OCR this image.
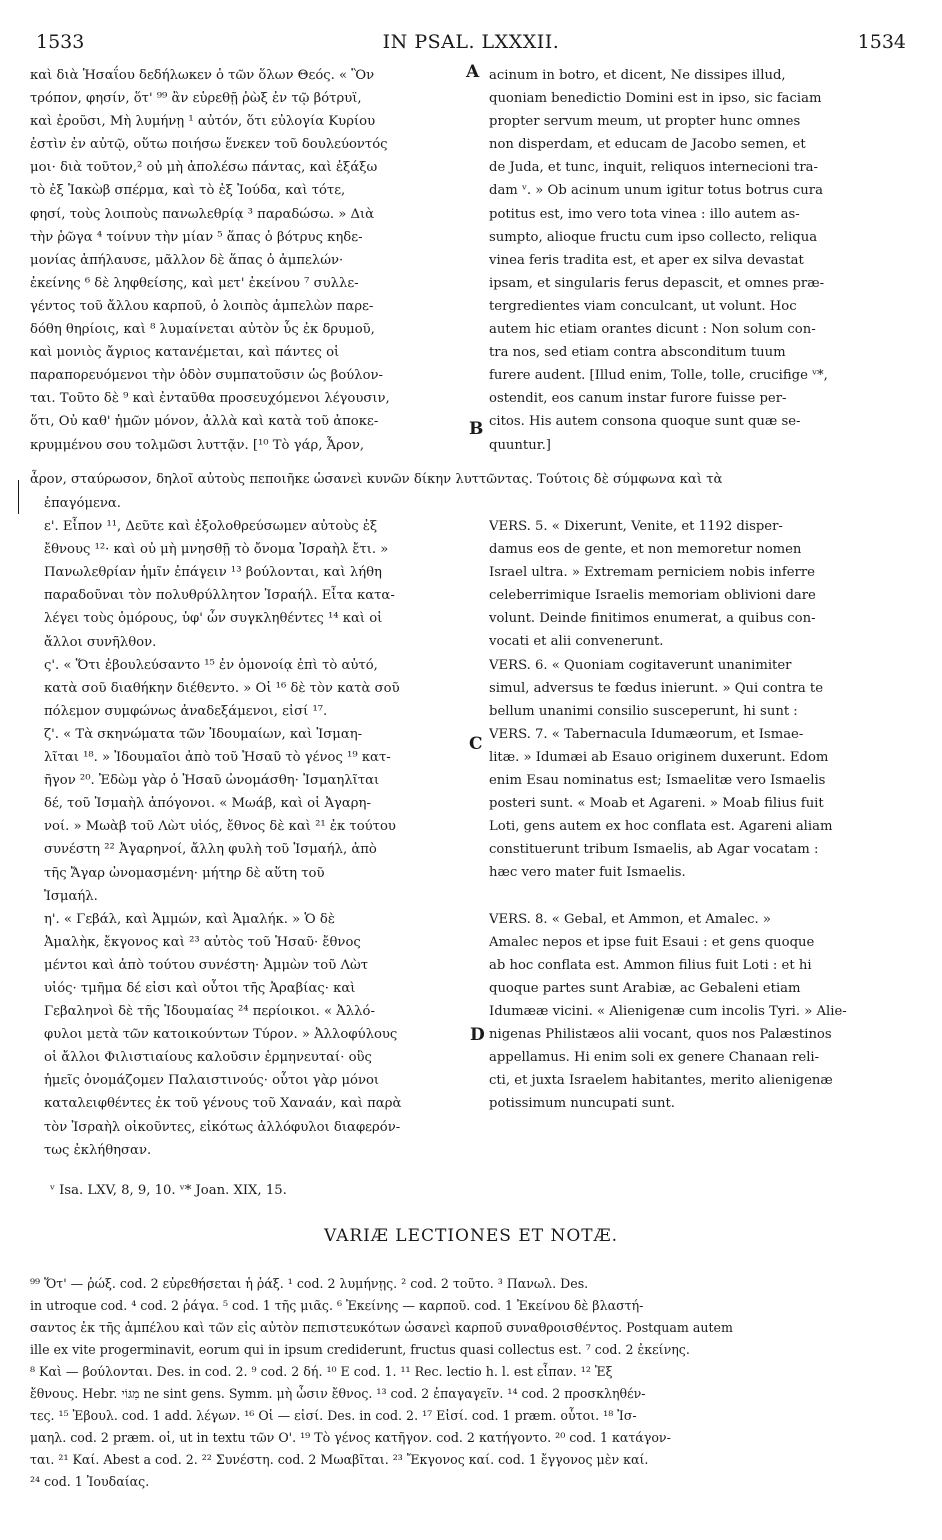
IN PSAL. LXXXII.
1533	1534
A
B
C
D
καὶ διὰ Ἡσαΐου δεδήλωκεν ὁ τῶν ὅλων Θεός. « Ὃν
τρόπον, φησίν, ὅτ' ⁹⁹ ἂν εὑρεθῇ ῥὼξ ἐν τῷ βότρυϊ,
καὶ ἐροῦσι, Μὴ λυμήνῃ ¹ αὐτόν, ὅτι εὐλογία Κυρίου
ἐστὶν ἐν αὐτῷ, οὕτω ποιήσω ἕνεκεν τοῦ δουλεύοντός
μοι· διὰ τοῦτον,² οὐ μὴ ἀπολέσω πάντας, καὶ ἐξάξω
τὸ ἐξ Ἰακὼβ σπέρμα, καὶ τὸ ἐξ Ἰούδα, καὶ τότε,
φησί, τοὺς λοιποὺς πανωλεθρίᾳ ³ παραδώσω. » Διὰ
τὴν ῥῶγα ⁴ τοίνυν τὴν μίαν ⁵ ἅπας ὁ βότρυς κηδε-
μονίας ἀπήλαυσε, μᾶλλον δὲ ἅπας ὁ ἀμπελών·
ἐκείνης ⁶ δὲ ληφθείσης, καὶ μετ' ἐκείνου ⁷ συλλε-
γέντος τοῦ ἄλλου καρποῦ, ὁ λοιπὸς ἀμπελὼν παρε-
δόθη θηρίοις, καὶ ⁸ λυμαίνεται αὐτὸν ὗς ἐκ δρυμοῦ,
καὶ μονιὸς ἄγριος κατανέμεται, καὶ πάντες οἱ
παραπορευόμενοι τὴν ὁδὸν συμπατοῦσιν ὡς βούλον-
ται. Τοῦτο δὲ ⁹ καὶ ἐνταῦθα προσευχόμενοι λέγουσιν,
ὅτι, Οὐ καθ' ἡμῶν μόνον, ἀλλὰ καὶ κατὰ τοῦ ἀποκε-
κρυμμένου σου τολμῶσι λυττᾷν. [¹⁰ Τὸ γάρ, Ἆρον,
acinum in botro, et dicent, Ne dissipes illud,
quoniam benedictio Domini est in ipso, sic faciam
propter servum meum, ut propter hunc omnes
non disperdam, et educam de Jacobo semen, et
de Juda, et tunc, inquit, reliquos internecioni tra-
dam ᵛ. » Ob acinum unum igitur totus botrus cura
potitus est, imo vero tota vinea : illo autem as-
sumpto, alioque fructu cum ipso collecto, reliqua
vinea feris tradita est, et aper ex silva devastat
ipsam, et singularis ferus depascit, et omnes præ-
tergredientes viam conculcant, ut volunt. Hoc
autem hic etiam orantes dicunt : Non solum con-
tra nos, sed etiam contra absconditum tuum
furere audent. [Illud enim, Tolle, tolle, crucifige ᵛ*,
ostendit, eos canum instar furore fuisse per-
citos. His autem consona quoque sunt quæ se-
quuntur.]
ἆρον, σταύρωσον, δηλοῖ αὐτοὺς πεποιῆκε ὡσανεὶ κυνῶν δίκην λυττῶντας. Τούτοις δὲ σύμφωνα καὶ τὰ
ἐπαγόμενα.
ε'. Εἶπον ¹¹, Δεῦτε καὶ ἐξολοθρεύσωμεν αὐτοὺς ἐξ
ἔθνους ¹²· καὶ οὐ μὴ μνησθῇ τὸ ὄνομα Ἰσραὴλ ἔτι. »
Πανωλεθρίαν ἡμῖν ἐπάγειν ¹³ βούλονται, καὶ λήθη
παραδοῦναι τὸν πολυθρύλλητον Ἰσραήλ. Εἶτα κατα-
λέγει τοὺς ὁμόρους, ὑφ' ὧν συγκληθέντες ¹⁴ καὶ οἱ
ἄλλοι συνῆλθον.
ς'. « Ὅτι ἐβουλεύσαντο ¹⁵ ἐν ὁμονοίᾳ ἐπὶ τὸ αὐτό,
κατὰ σοῦ διαθήκην διέθεντο. » Οἱ ¹⁶ δὲ τὸν κατὰ σοῦ
πόλεμον συμφώνως ἀναδεξάμενοι, εἰσί ¹⁷.
ζ'. « Τὰ σκηνώματα τῶν Ἰδουμαίων, καὶ Ἰσμαη-
λῖται ¹⁸. » Ἰδουμαῖοι ἀπὸ τοῦ Ἡσαῦ τὸ γένος ¹⁹ κατ-
ῆγον ²⁰. Ἐδὼμ γὰρ ὁ Ἡσαῦ ὠνομάσθη· Ἰσμαηλῖται
δέ, τοῦ Ἰσμαὴλ ἀπόγονοι. « Μωάβ, καὶ οἱ Ἀγαρη-
νοί. » Μωὰβ τοῦ Λὼτ υἱός, ἔθνος δὲ καὶ ²¹ ἐκ τούτου
συνέστη ²² Ἀγαρηνοί, ἄλλη φυλὴ τοῦ Ἰσμαήλ, ἀπὸ
τῆς Ἄγαρ ὠνομασμένη· μήτηρ δὲ αὕτη τοῦ
Ἰσμαήλ.
η'. « Γεβάλ, καὶ Ἀμμών, καὶ Ἀμαλήκ. » Ὁ δὲ
Ἀμαλὴκ, ἔκγονος καὶ ²³ αὐτὸς τοῦ Ἡσαῦ· ἔθνος
μέντοι καὶ ἀπὸ τούτου συνέστη· Ἀμμὼν τοῦ Λὼτ
υἱός· τμῆμα δέ εἰσι καὶ οὗτοι τῆς Ἀραβίας· καὶ
Γεβαληνοὶ δὲ τῆς Ἰδουμαίας ²⁴ περίοικοι. « Ἀλλό-
φυλοι μετὰ τῶν κατοικούντων Τύρον. » Ἀλλοφύλους
οἱ ἄλλοι Φιλιστιαίους καλοῦσιν ἑρμηνευταί· οὓς
ἡμεῖς ὀνομάζομεν Παλαιστινούς· οὗτοι γὰρ μόνοι
καταλειφθέντες ἐκ τοῦ γένους τοῦ Χαναάν, καὶ παρὰ
τὸν Ἰσραὴλ οἰκοῦντες, εἰκότως ἀλλόφυλοι διαφερόν-
τως ἐκλήθησαν.
VERS. 5. « Dixerunt, Venite, et 1192 disper-
damus eos de gente, et non memoretur nomen
Israel ultra. » Extremam perniciem nobis inferre
celeberrimique Israelis memoriam oblivioni dare
volunt. Deinde finitimos enumerat, a quibus con-
vocati et alii convenerunt.
VERS. 6. « Quoniam cogitaverunt unanimiter
simul, adversus te fœdus inierunt. » Qui contra te
bellum unanimi consilio susceperunt, hi sunt :
VERS. 7. « Tabernacula Idumæorum, et Ismae-
litæ. » Idumæi ab Esauo originem duxerunt. Edom
enim Esau nominatus est; Ismaelitæ vero Ismaelis
posteri sunt. « Moab et Agareni. » Moab filius fuit
Loti, gens autem ex hoc conflata est. Agareni aliam
constituerunt tribum Ismaelis, ab Agar vocatam :
hæc vero mater fuit Ismaelis.
VERS. 8. « Gebal, et Ammon, et Amalec. »
Amalec nepos et ipse fuit Esaui : et gens quoque
ab hoc conflata est. Ammon filius fuit Loti : et hi
quoque partes sunt Arabiæ, ac Gebaleni etiam
Idumææ vicini. « Alienigenæ cum incolis Tyri. » Alie-
nigenas Philistæos alii vocant, quos nos Palæstinos
appellamus. Hi enim soli ex genere Chanaan reli-
cti, et juxta Israelem habitantes, merito alienigenæ
potissimum nuncupati sunt.
ᵛ Isa. LXV, 8, 9, 10. ᵛ* Joan. XIX, 15.
VARIÆ LECTIONES ET NOTÆ.
⁹⁹ Ὅτ' — ῥώξ. cod. 2 εὑρεθήσεται ἡ ῥάξ. ¹ cod. 2 λυμήνῃς. ² cod. 2 τοῦτο. ³ Πανωλ. Des.
in utroque cod. ⁴ cod. 2 ῥάγα. ⁵ cod. 1 τῆς μιᾶς. ⁶ Ἐκείνης — καρποῦ. cod. 1 Ἐκείνου δὲ βλαστή-
σαντος ἐκ τῆς ἀμπέλου καὶ τῶν εἰς αὐτὸν πεπιστευκότων ὡσανεὶ καρποῦ συναθροισθέντος. Postquam autem
ille ex vite progerminavit, eorum qui in ipsum crediderunt, fructus quasi collectus est. ⁷ cod. 2 ἐκείνης.
⁸ Καὶ — βούλονται. Des. in cod. 2. ⁹ cod. 2 δή. ¹⁰ E cod. 1. ¹¹ Rec. lectio h. l. est εἶπαν. ¹² Ἐξ
ἔθνους. Hebr. מִגּוֹי ne sint gens. Symm. μὴ ὦσιν ἔθνος. ¹³ cod. 2 ἐπαγαγεῖν. ¹⁴ cod. 2 προσκληθέν-
τες. ¹⁵ Ἐβουλ. cod. 1 add. λέγων. ¹⁶ Οἱ — εἰσί. Des. in cod. 2. ¹⁷ Εἰσί. cod. 1 præm. οὗτοι. ¹⁸ Ἰσ-
μαηλ. cod. 2 præm. οἱ, ut in textu τῶν Ο'. ¹⁹ Τὸ γένος κατῆγον. cod. 2 κατήγοντο. ²⁰ cod. 1 κατάγον-
ται. ²¹ Καί. Abest a cod. 2. ²² Συνέστη. cod. 2 Μωαβῖται. ²³ Ἔκγονος καί. cod. 1 ἔγγονος μὲν καί.
²⁴ cod. 1 Ἰουδαίας.
